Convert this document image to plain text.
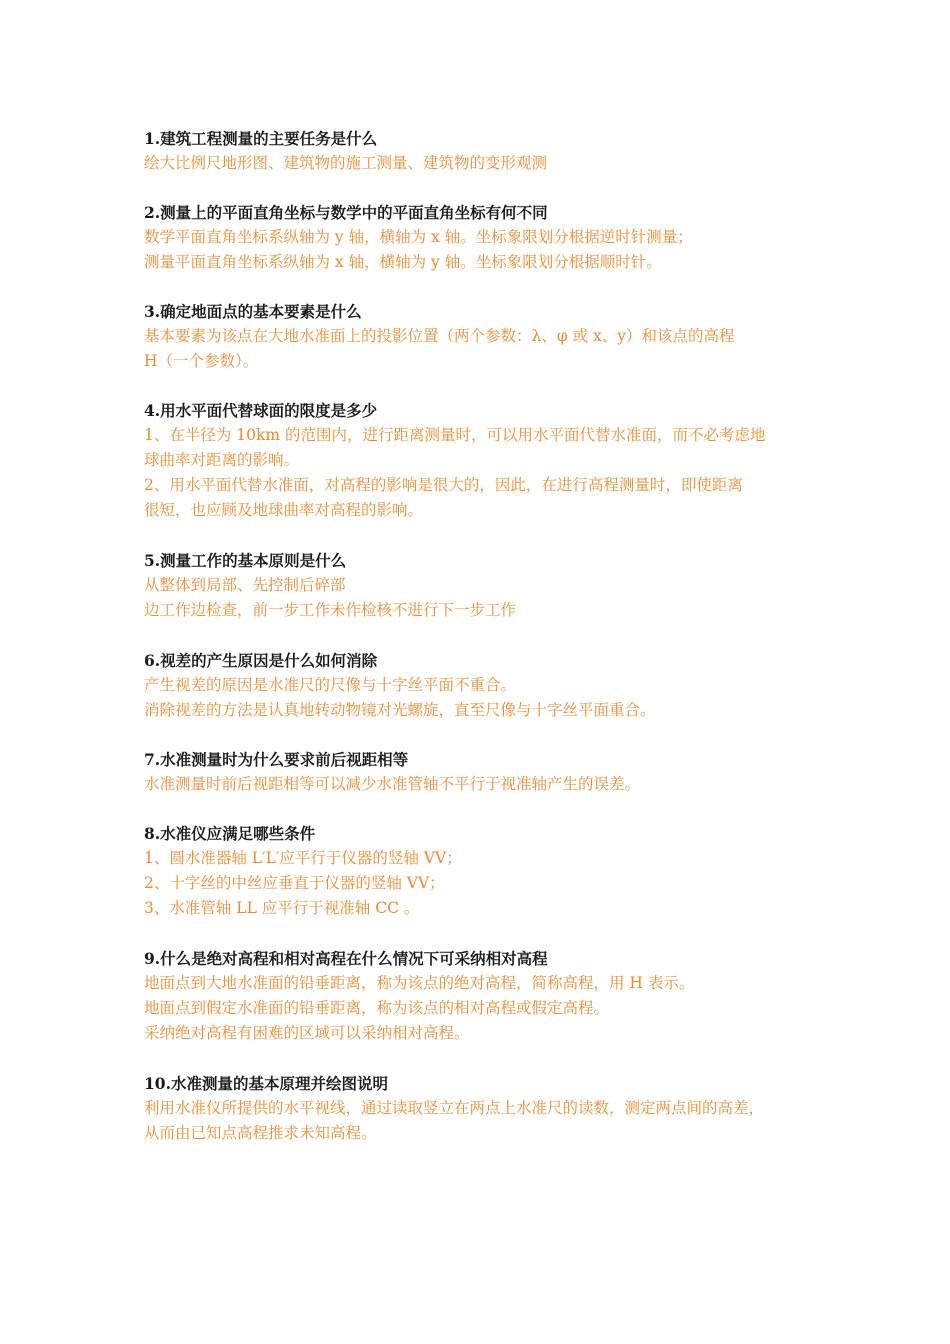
1.建筑工程测量的主要任务是什么
绘大比例尺地形图、建筑物的施工测量、建筑物的变形观测
2.测量上的平面直角坐标与数学中的平面直角坐标有何不同
数学平面直角坐标系纵轴为 y 轴，横轴为 x 轴。坐标象限划分根据逆时针测量；
测量平面直角坐标系纵轴为 x 轴，横轴为 y 轴。坐标象限划分根据顺时针。
3.确定地面点的基本要素是什么
基本要素为该点在大地水准面上的投影位置（两个参数：λ、φ 或 x、y）和该点的高程
H（一个参数）。
4.用水平面代替球面的限度是多少
1、在半径为 10km 的范围内，进行距离测量时，可以用水平面代替水准面，而不必考虑地
球曲率对距离的影响。
2、用水平面代替水准面，对高程的影响是很大的，因此，在进行高程测量时，即使距离
很短，也应顾及地球曲率对高程的影响。
5.测量工作的基本原则是什么
从整体到局部、先控制后碎部
边工作边检查，前一步工作未作检核不进行下一步工作
6.视差的产生原因是什么如何消除
产生视差的原因是水准尺的尺像与十字丝平面不重合。
消除视差的方法是认真地转动物镜对光螺旋，直至尺像与十字丝平面重合。
7.水准测量时为什么要求前后视距相等
水准测量时前后视距相等可以减少水准管轴不平行于视准轴产生的误差。
8.水准仪应满足哪些条件
1、圆水准器轴 L′L′应平行于仪器的竖轴 VV；
2、十字丝的中丝应垂直于仪器的竖轴 VV；
3、水准管轴 LL 应平行于视准轴 CC 。
9.什么是绝对高程和相对高程在什么情况下可采纳相对高程
地面点到大地水准面的铅垂距离，称为该点的绝对高程，简称高程，用 H 表示。
地面点到假定水准面的铅垂距离，称为该点的相对高程或假定高程。
采纳绝对高程有困难的区域可以采纳相对高程。
10.水准测量的基本原理并绘图说明
利用水准仪所提供的水平视线，通过读取竖立在两点上水准尺的读数，测定两点间的高差，
从而由已知点高程推求未知高程。
